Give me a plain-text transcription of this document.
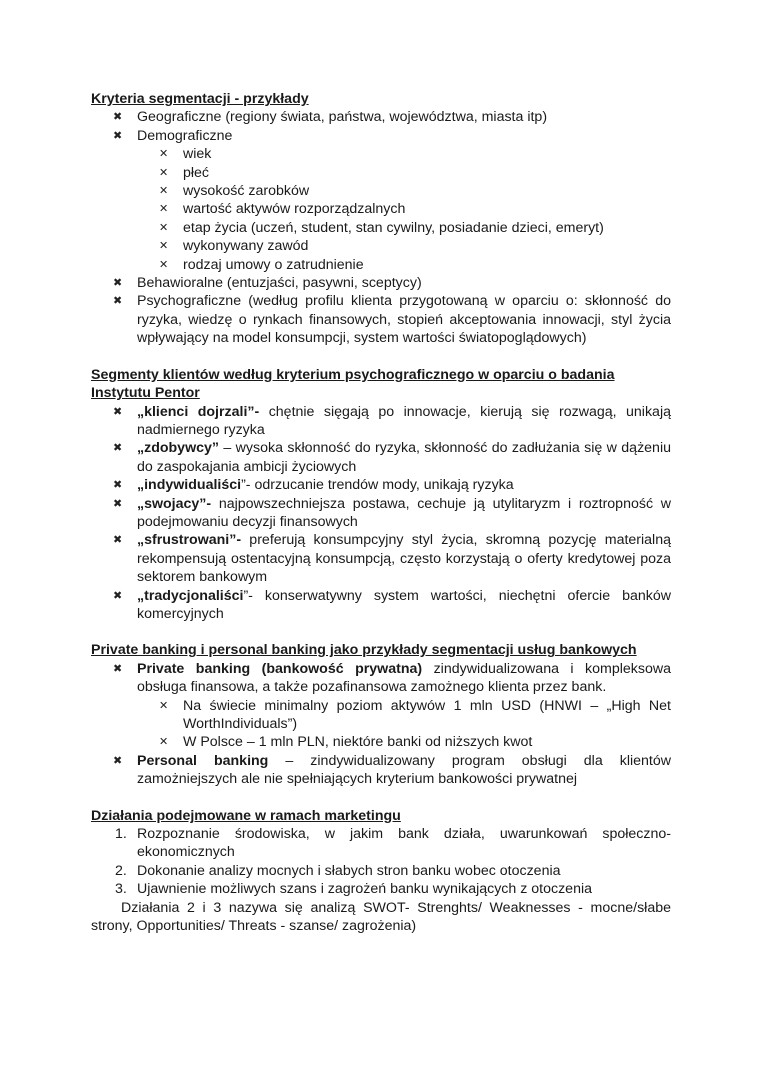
Kryteria segmentacji - przykłady
✖ Geograficzne (regiony świata, państwa, województwa, miasta itp)
✖ Demograficzne
✕ wiek
✕ płeć
✕ wysokość zarobków
✕ wartość aktywów rozporządzalnych
✕ etap życia (uczeń, student, stan cywilny, posiadanie dzieci, emeryt)
✕ wykonywany zawód
✕ rodzaj umowy o zatrudnienie
✖ Behawioralne (entuzjaści, pasywni, sceptycy)
✖ Psychograficzne (według profilu klienta przygotowaną w oparciu o: skłonność do ryzyka, wiedzę o rynkach finansowych, stopień akceptowania innowacji, styl życia wpływający na model konsumpcji, system wartości światopoglądowych)
Segmenty klientów według kryterium psychograficznego w oparciu o badania Instytutu Pentor
✖ „klienci dojrzali”- chętnie sięgają po innowacje, kierują się rozwagą, unikają nadmiernego ryzyka
✖ „zdobywcy” – wysoka skłonność do ryzyka, skłonność do zadłużania się w dążeniu do zaspokajania ambicji życiowych
✖ „indywidualiści”- odrzucanie trendów mody, unikają ryzyka
✖ „swojacy”- najpowszechniejsza postawa, cechuje ją utylitaryzm i roztropność w podejmowaniu decyzji finansowych
✖ „sfrustrowani”- preferują konsumpcyjny styl życia, skromną pozycję materialną rekompensują ostentacyjną konsumpcją, często korzystają o oferty kredytowej poza sektorem bankowym
✖ „tradycjonaliści”- konserwatywny system wartości, niechętni ofercie banków komercyjnych
Private banking i personal banking jako przykłady segmentacji usług bankowych
✖ Private banking (bankowość prywatna) zindywidualizowana i kompleksowa obsługa finansowa, a także pozafinansowa zamożnego klienta przez bank.
✕ Na świecie minimalny poziom aktywów 1 mln USD (HNWI – „High Net WorthIndividuals”)
✕ W Polsce – 1 mln PLN, niektóre banki od niższych kwot
✖ Personal banking – zindywidualizowany program obsługi dla klientów zamożniejszych ale nie spełniających kryterium bankowości prywatnej
Działania podejmowane w ramach marketingu
1. Rozpoznanie środowiska, w jakim bank działa, uwarunkowań społeczno-ekonomicznych
2. Dokonanie analizy mocnych i słabych stron banku wobec otoczenia
3. Ujawnienie możliwych szans i zagrożeń banku wynikających z otoczenia
Działania 2 i 3 nazywa się analizą SWOT- Strenghts/ Weaknesses - mocne/słabe strony, Opportunities/ Threats - szanse/ zagrożenia)
